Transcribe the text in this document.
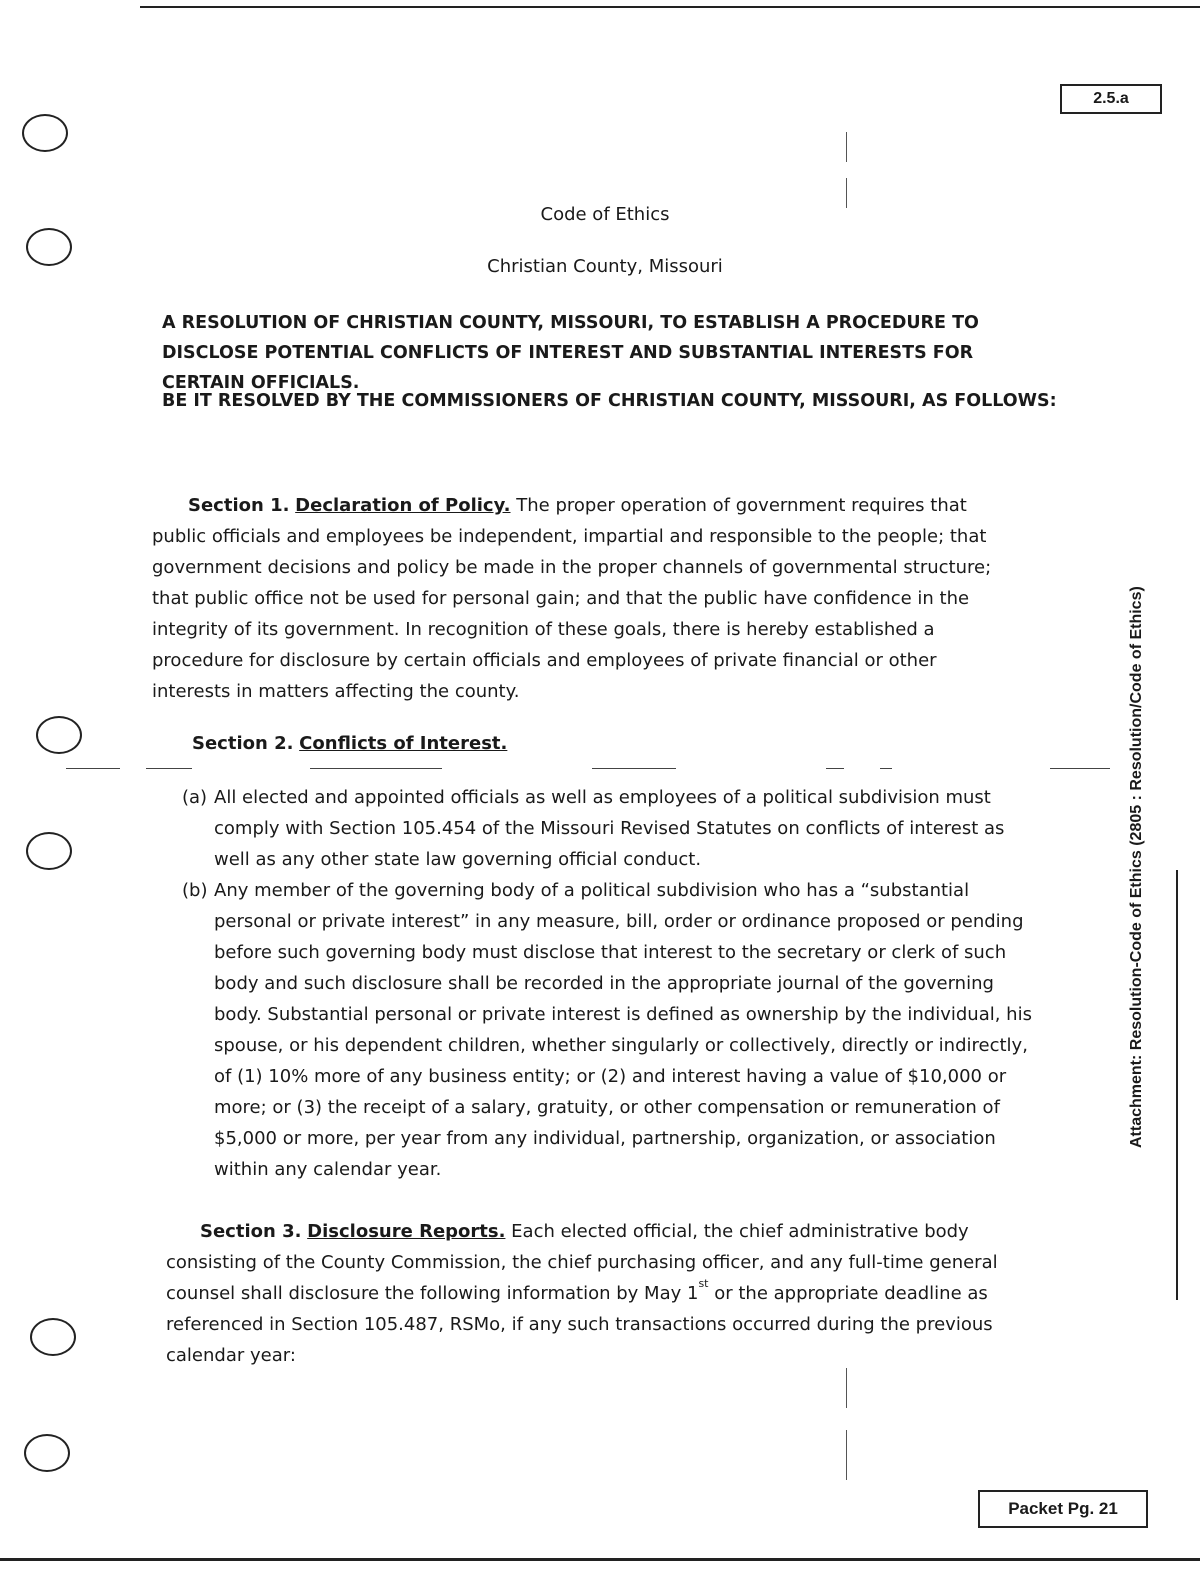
2.5.a
Code of Ethics
Christian County, Missouri
A RESOLUTION OF CHRISTIAN COUNTY, MISSOURI, TO ESTABLISH A PROCEDURE TO DISCLOSE POTENTIAL CONFLICTS OF INTEREST AND SUBSTANTIAL INTERESTS FOR CERTAIN OFFICIALS.
BE IT RESOLVED BY THE COMMISSIONERS OF CHRISTIAN COUNTY, MISSOURI, AS FOLLOWS:
Section 1. Declaration of Policy. The proper operation of government requires that public officials and employees be independent, impartial and responsible to the people; that government decisions and policy be made in the proper channels of governmental structure; that public office not be used for personal gain; and that the public have confidence in the integrity of its government. In recognition of these goals, there is hereby established a procedure for disclosure by certain officials and employees of private financial or other interests in matters affecting the county.
Section 2. Conflicts of Interest.

(a) All elected and appointed officials as well as employees of a political subdivision must comply with Section 105.454 of the Missouri Revised Statutes on conflicts of interest as well as any other state law governing official conduct.

(b) Any member of the governing body of a political subdivision who has a “substantial personal or private interest” in any measure, bill, order or ordinance proposed or pending before such governing body must disclose that interest to the secretary or clerk of such body and such disclosure shall be recorded in the appropriate journal of the governing body. Substantial personal or private interest is defined as ownership by the individual, his spouse, or his dependent children, whether singularly or collectively, directly or indirectly, of (1) 10% more of any business entity; or (2) and interest having a value of $10,000 or more; or (3) the receipt of a salary, gratuity, or other compensation or remuneration of $5,000 or more, per year from any individual, partnership, organization, or association within any calendar year.

Section 3. Disclosure Reports. Each elected official, the chief administrative body consisting of the County Commission, the chief purchasing officer, and any full-time general counsel shall disclosure the following information by May 1st or the appropriate deadline as referenced in Section 105.487, RSMo, if any such transactions occurred during the previous calendar year:
Attachment: Resolution-Code of Ethics (2805 : Resolution/Code of Ethics)
Packet Pg. 21
